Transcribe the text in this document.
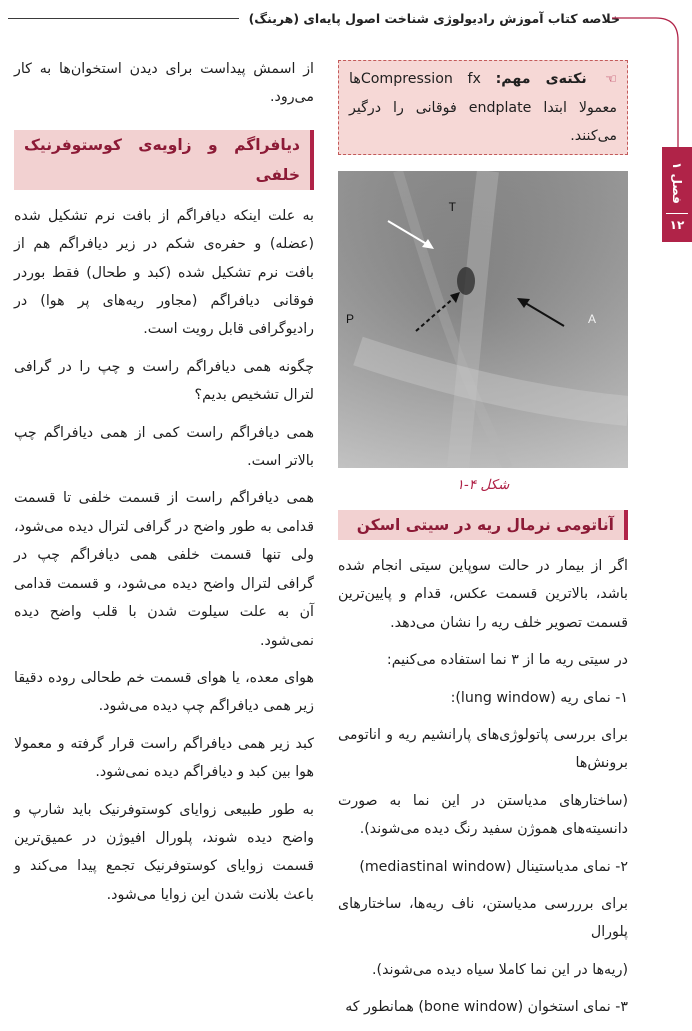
خلاصه کتاب آموزش رادیولوژی شناخت اصول پایه‌ای (هرینگ)
فصل ۱
۱۲
☜ نکته‌ی مهم: Compression fxها معمولا ابتدا endplate فوقانی را درگیر می‌کنند.
T
P	A
شکل ۴-۱
آناتومی نرمال ریه در سیتی اسکن

اگر از بیمار در حالت سوپاین سیتی انجام شده باشد، بالاترین قسمت عکس، قدام و پایین‌ترین قسمت تصویر خلف ریه را نشان می‌دهد.

در سیتی ریه ما از ۳ نما استفاده می‌کنیم:

۱- نمای ریه (lung window):

برای بررسی پاتولوژی‌های پارانشیم ریه و اناتومی برونش‌ها

(ساختارهای مدیاستن در این نما به صورت دانسیته‌های هموژن سفید رنگ دیده می‌شوند).

۲- نمای مدیاستینال (mediastinal window)

برای برررسی مدیاستن، ناف ریه‌ها، ساختارهای پلورال

(ریه‌ها در این نما کاملا سیاه دیده می‌شوند).

۳- نمای استخوان (bone window) همانطور که

از اسمش پیداست برای دیدن استخوان‌ها به کار می‌رود.

دیافراگم و زاویه‌ی کوستوفرنیک خلفی

به علت اینکه دیافراگم از بافت نرم تشکیل شده (عضله) و حفره‌ی شکم در زیر دیافراگم هم از بافت نرم تشکیل شده (کبد و طحال) فقط بوردر فوقانی دیافراگم (مجاور ریه‌های پر هوا) در رادیوگرافی قابل رویت است.

چگونه همی دیافراگم راست و چپ را در گرافی لترال تشخیص بدیم؟

همی دیافراگم راست کمی از همی دیافراگم چپ بالاتر است.

همی دیافراگم راست از قسمت خلفی تا قسمت قدامی به طور واضح در گرافی لترال دیده می‌شود، ولی تنها قسمت خلفی همی دیافراگم چپ در گرافی لترال واضح دیده می‌شود، و قسمت قدامی آن به علت سیلوت شدن با قلب واضح دیده نمی‌شود.

هوای معده، یا هوای قسمت خم طحالی روده دقیقا زیر همی دیافراگم چپ دیده می‌شود.

کبد زیر همی دیافراگم راست قرار گرفته و معمولا هوا بین کبد و دیافراگم دیده نمی‌شود.

به طور طبیعی زوایای کوستوفرنیک باید شارپ و واضح دیده شوند، پلورال افیوژن در عمیق‌ترین قسمت زوایای کوستوفرنیک تجمع پیدا می‌کند و باعث بلانت شدن این زوایا می‌شود.
